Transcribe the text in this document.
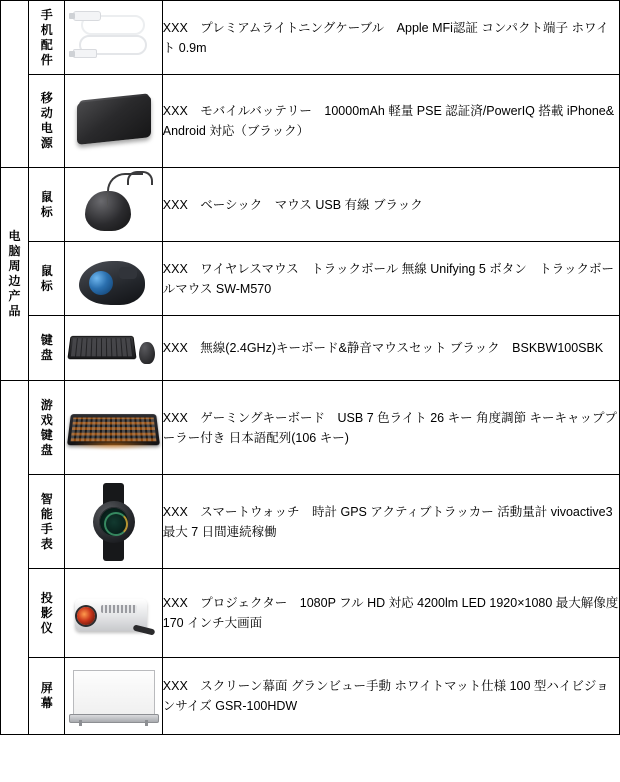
	手机配件		XXX　プレミアムライトニングケーブル　Apple MFi認証 コンパクト端子 ホワイト 0.9m

	移动电源		XXX　モバイルバッテリー　10000mAh 軽量 PSE 認証済/PowerIQ 搭載 iPhone&Android 対応（ブラック）

电脑周边产品	鼠标		XXX　ベーシック　マウス USB 有線 ブラック

	鼠标		XXX　ワイヤレスマウス　トラックボール 無線 Unifying 5 ボタン　トラックボールマウス SW-M570

	键盘		XXX　無線(2.4GHz)キーボード&静音マウスセット ブラック　BSKBW100SBK

	游戏键盘		XXX　ゲーミングキーボード　USB 7 色ライト 26 キー 角度調節 キーキャッププーラー付き 日本語配列(106 キー)

	智能手表		XXX　スマートウォッチ　時計 GPS アクティブトラッカー 活動量計 vivoactive3 最大 7 日間連続稼働

	投影仪		XXX　プロジェクター　1080P フル HD 対応 4200lm LED 1920×1080 最大解像度 170 インチ大画面

	屏幕		XXX　スクリーン幕面 グランビュー手動 ホワイトマット仕様 100 型ハイビジョンサイズ GSR-100HDW
